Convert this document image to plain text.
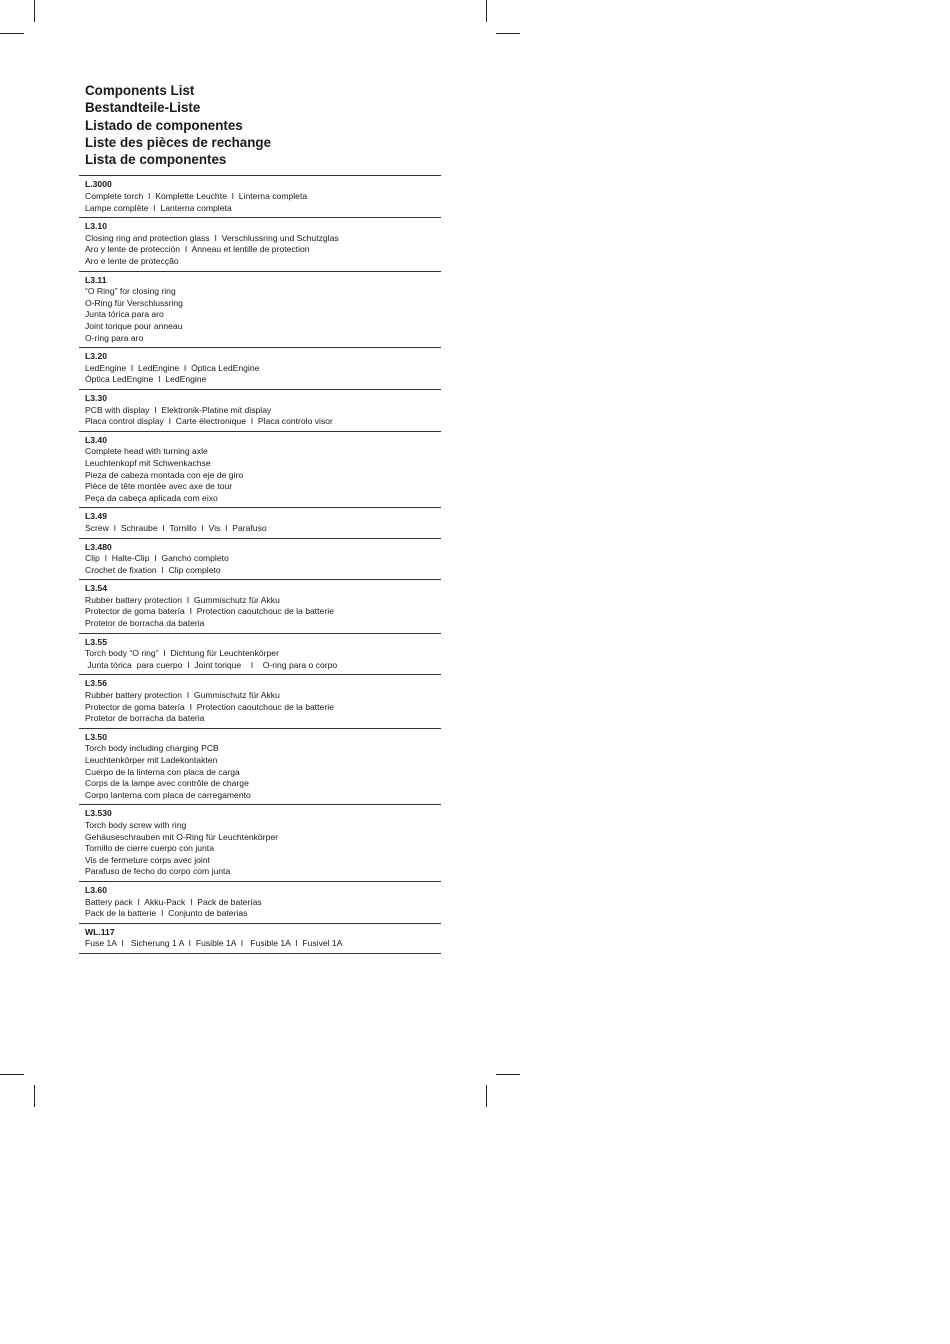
Components List
Bestandteile-Liste
Listado de componentes
Liste des pièces de rechange
Lista de componentes
L.3000
Complete torch  I  Komplette Leuchte  I  Linterna completa
Lampe complète  I  Lanterna completa
L3.10
Closing ring and protection glass  I  Verschlussring und Schutzglas
Aro y lente de protección  I  Anneau et lentille de protection
Aro e lente de protecção
L3.11
“O Ring” for closing ring
O-Ring für Verschlussring
Junta tórica para aro
Joint torique pour anneau
O-ring para aro
L3.20
LedEngine  I  LedEngine  I  Óptica LedEngine
Óptica LedEngine  I  LedEngine
L3.30
PCB with display  I  Elektronik-Platine mit display
Placa control display  I  Carte électronique  I  Placa controlo visor
L3.40
Complete head with turning axle
Leuchtenkopf mit Schwenkachse
Pieza de cabeza montada con eje de giro
Pièce de tête montée avec axe de tour
Peça da cabeça aplicada com eixo
L3.49
Screw  I  Schraube  I  Tornillo  I  Vis  I  Parafuso
L3.480
Clip  I  Halte-Clip  I  Gancho completo
Crochet de fixation  I  Clip completo
L3.54
Rubber battery protection  I  Gummischutz für Akku
Protector de goma batería  I  Protection caoutchouc de la batterie
Protetor de borracha da bateria
L3.55
Torch body “O ring”  I  Dichtung für Leuchtenkörper
Junta tórica  para cuerpo  I  Joint torique    I    O-ring para o corpo
L3.56
Rubber battery protection  I  Gummischutz für Akku
Protector de goma batería  I  Protection caoutchouc de la batterie
Protetor de borracha da bateria
L3.50
Torch body including charging PCB
Leuchtenkörper mit Ladekontakten
Cuerpo de la linterna con placa de carga
Corps de la lampe avec contrôle de charge
Corpo lanterna com placa de carregamento
L3.530
Torch body screw with ring
Gehäuseschrauben mit O-Ring für Leuchtenkörper
Tornillo de cierre cuerpo con junta
Vis de fermeture corps avec joint
Parafuso de fecho do corpo com junta
L3.60
Battery pack  I  Akku-Pack  I  Pack de baterías
Pack de la batterie  I  Conjunto de baterias
WL.117
Fuse 1A  I   Sicherung 1 A  I  Fusible 1A  I   Fusible 1A  I  Fusivel 1A
